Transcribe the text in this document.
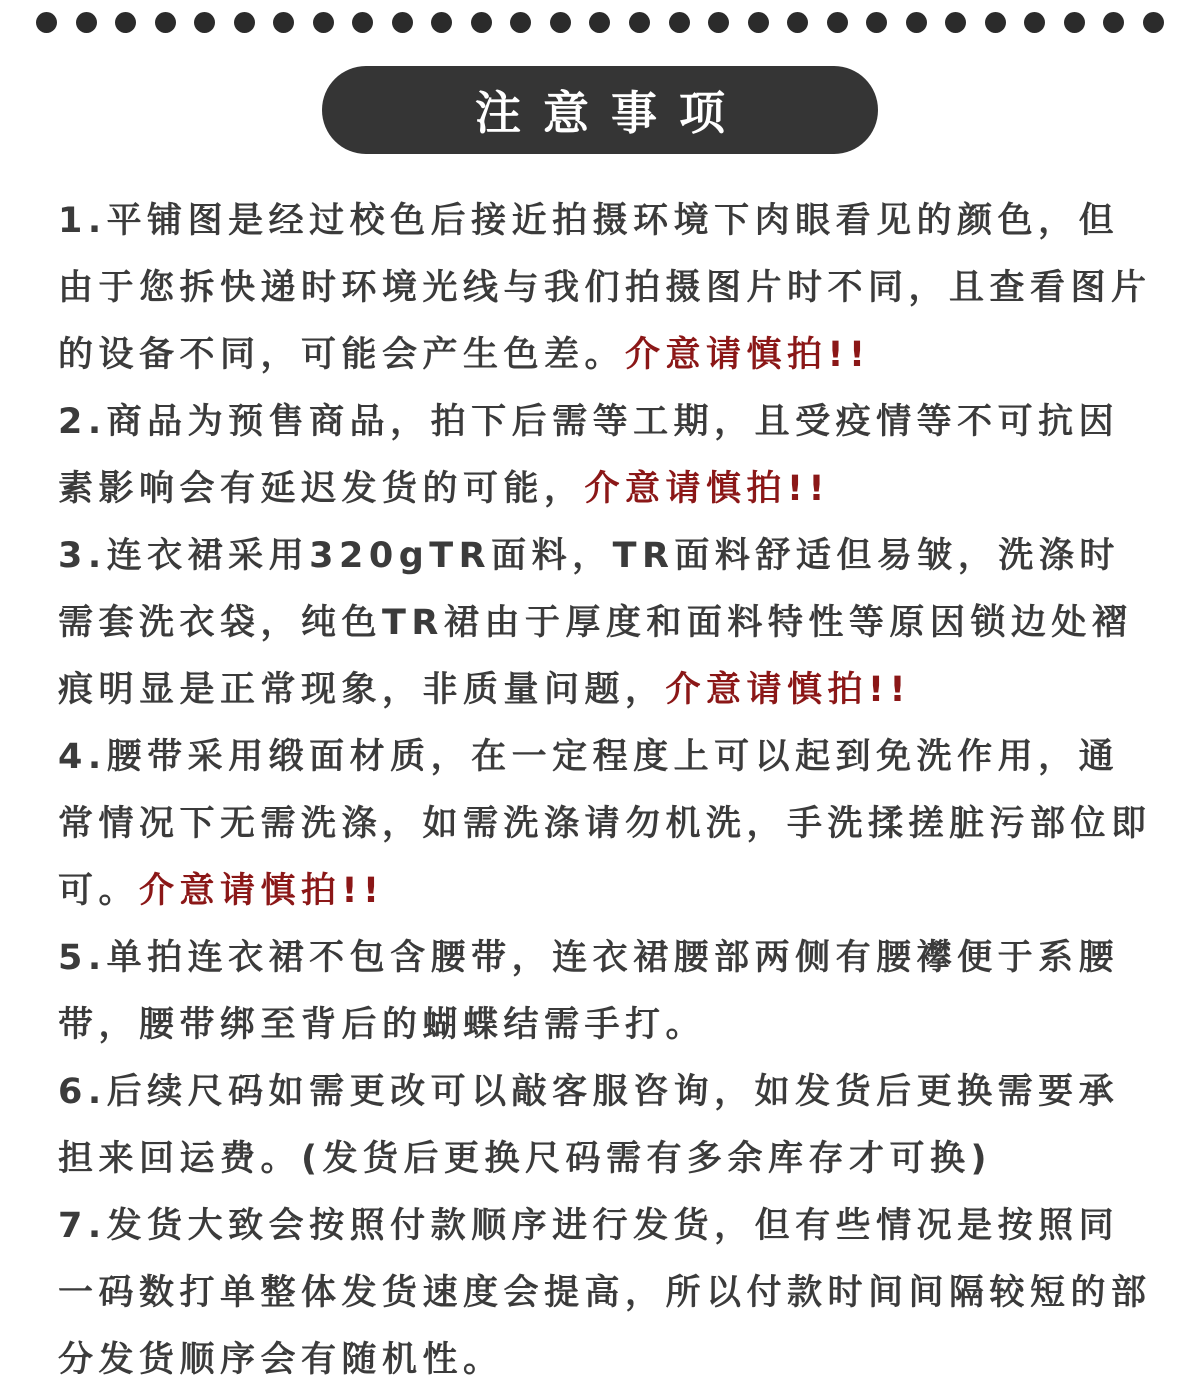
注意事项

1.平铺图是经过校色后接近拍摄环境下肉眼看见的颜色，但由于您拆快递时环境光线与我们拍摄图片时不同，且查看图片的设备不同，可能会产生色差。介意请慎拍!!

2.商品为预售商品，拍下后需等工期，且受疫情等不可抗因素影响会有延迟发货的可能，介意请慎拍!!

3.连衣裙采用320gTR面料，TR面料舒适但易皱，洗涤时需套洗衣袋，纯色TR裙由于厚度和面料特性等原因锁边处褶痕明显是正常现象，非质量问题，介意请慎拍!!

4.腰带采用缎面材质，在一定程度上可以起到免洗作用，通常情况下无需洗涤，如需洗涤请勿机洗，手洗揉搓脏污部位即可。介意请慎拍!!

5.单拍连衣裙不包含腰带，连衣裙腰部两侧有腰襻便于系腰带，腰带绑至背后的蝴蝶结需手打。

6.后续尺码如需更改可以敲客服咨询，如发货后更换需要承担来回运费。(发货后更换尺码需有多余库存才可换)

7.发货大致会按照付款顺序进行发货，但有些情况是按照同一码数打单整体发货速度会提高，所以付款时间间隔较短的部分发货顺序会有随机性。
